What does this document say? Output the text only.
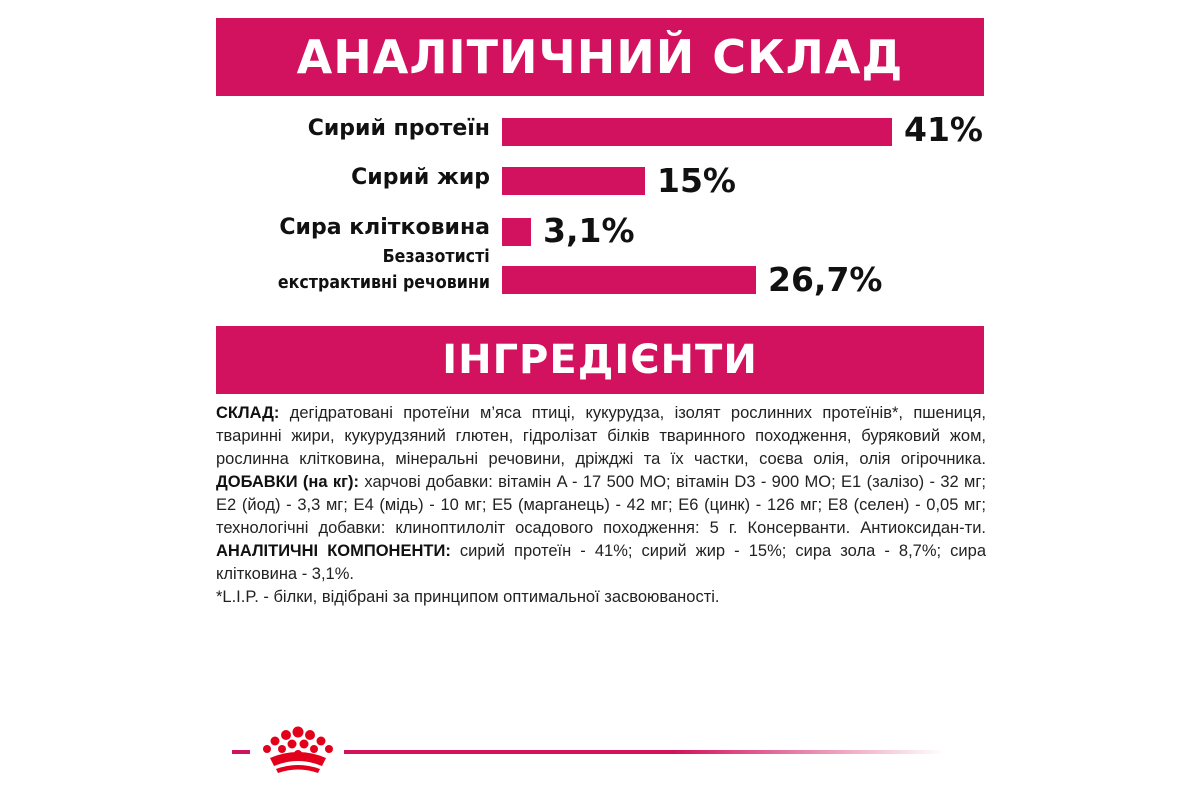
АНАЛІТИЧНИЙ СКЛАД
Сирий протеїн	41%
Сирий жир	15%
Сира клітковина 3,1%
Безазотисті
екстрактивні речовини	26,7%
ІНГРЕДІЄНТИ
СКЛАД: дегідратовані протеїни м’яса птиці, кукурудза, ізолят рослинних протеїнів*, пшениця, тваринні жири, кукурудзяний глютен, гідролізат білків тваринного походження, буряковий жом, рослинна клітковина, мінеральні речовини, дріжджі та їх частки, соєва олія, олія огірочника. ДОБАВКИ (на кг): харчові добавки: вітамін A - 17 500 МО; вітамін D3 - 900 МО; E1 (залізо) - 32 мг; E2 (йод) - 3,3 мг; E4 (мідь) - 10 мг; E5 (марганець) - 42 мг; E6 (цинк) - 126 мг; E8 (селен) - 0,05 мг; технологічні добавки: клиноптилоліт осадового походження: 5 г. Консерванти. Антиоксидан-ти. АНАЛІТИЧНІ КОМПОНЕНТИ: сирий протеїн - 41%; сирий жир - 15%; сира зола - 8,7%; сира клітковина - 3,1%.
*L.I.P. - білки, відібрані за принципом оптимальної засвоюваності.
